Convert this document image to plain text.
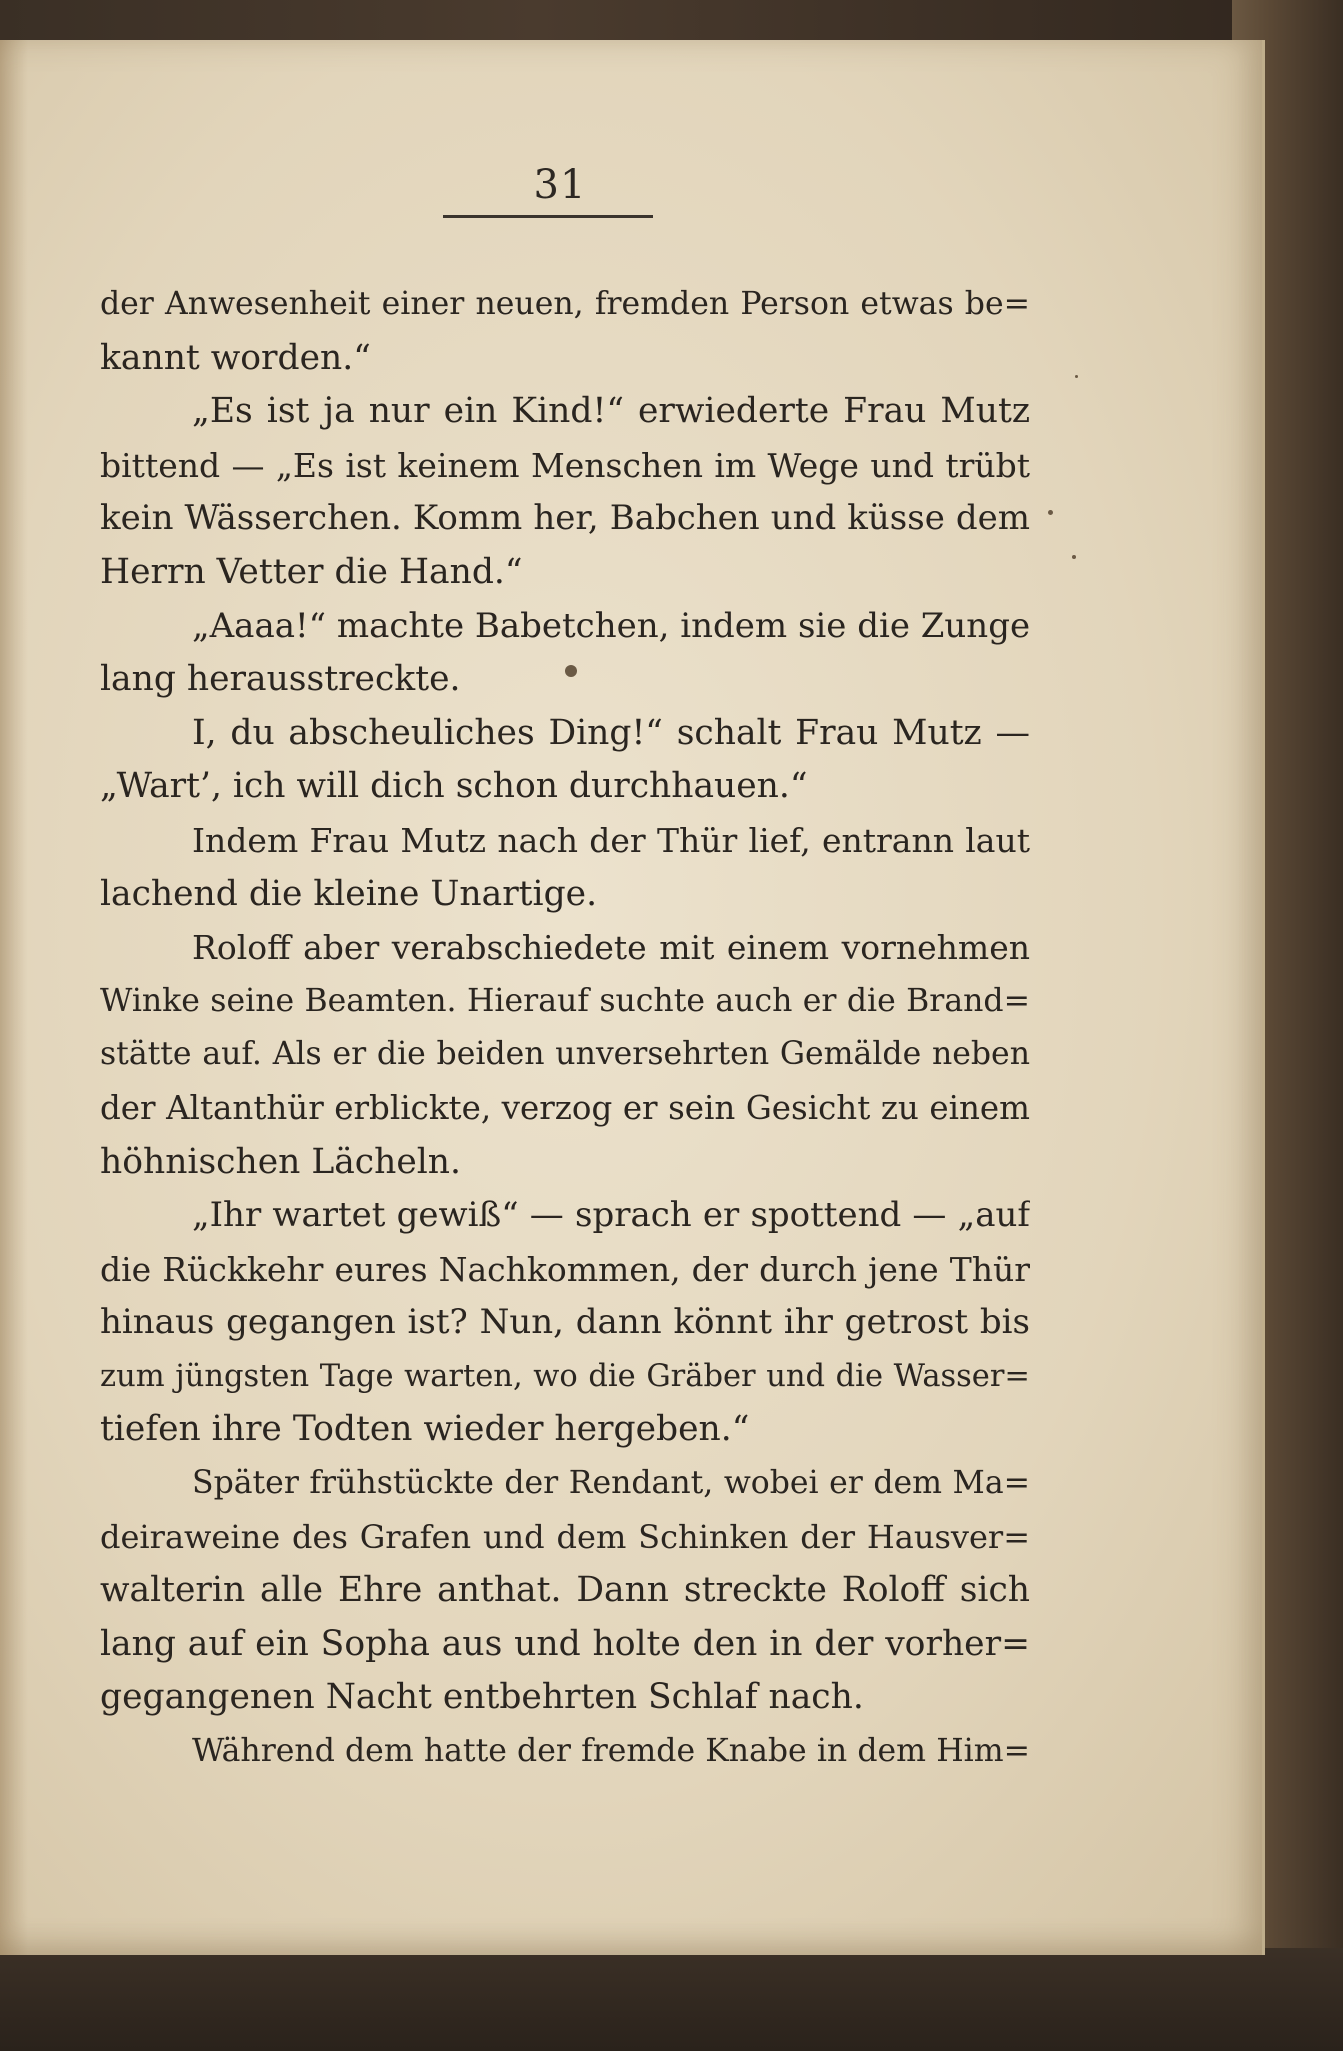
31
der Anwesenheit einer neuen, fremden Person etwas be=
kannt worden.“
„Es ist ja nur ein Kind!“ erwiederte Frau Mutz
bittend — „Es ist keinem Menschen im Wege und trübt
kein Wässerchen. Komm her, Babchen und küsse dem
Herrn Vetter die Hand.“
„Aaaa!“ machte Babetchen, indem sie die Zunge
lang herausstreckte.
I, du abscheuliches Ding!“ schalt Frau Mutz —
„Wart’, ich will dich schon durchhauen.“
Indem Frau Mutz nach der Thür lief, entrann laut
lachend die kleine Unartige.
Roloff aber verabschiedete mit einem vornehmen
Winke seine Beamten. Hierauf suchte auch er die Brand=
stätte auf. Als er die beiden unversehrten Gemälde neben
der Altanthür erblickte, verzog er sein Gesicht zu einem
höhnischen Lächeln.
„Ihr wartet gewiß“ — sprach er spottend — „auf
die Rückkehr eures Nachkommen, der durch jene Thür
hinaus gegangen ist? Nun, dann könnt ihr getrost bis
zum jüngsten Tage warten, wo die Gräber und die Wasser=
tiefen ihre Todten wieder hergeben.“
Später frühstückte der Rendant, wobei er dem Ma=
deiraweine des Grafen und dem Schinken der Hausver=
walterin alle Ehre anthat. Dann streckte Roloff sich
lang auf ein Sopha aus und holte den in der vorher=
gegangenen Nacht entbehrten Schlaf nach.
Während dem hatte der fremde Knabe in dem Him=
